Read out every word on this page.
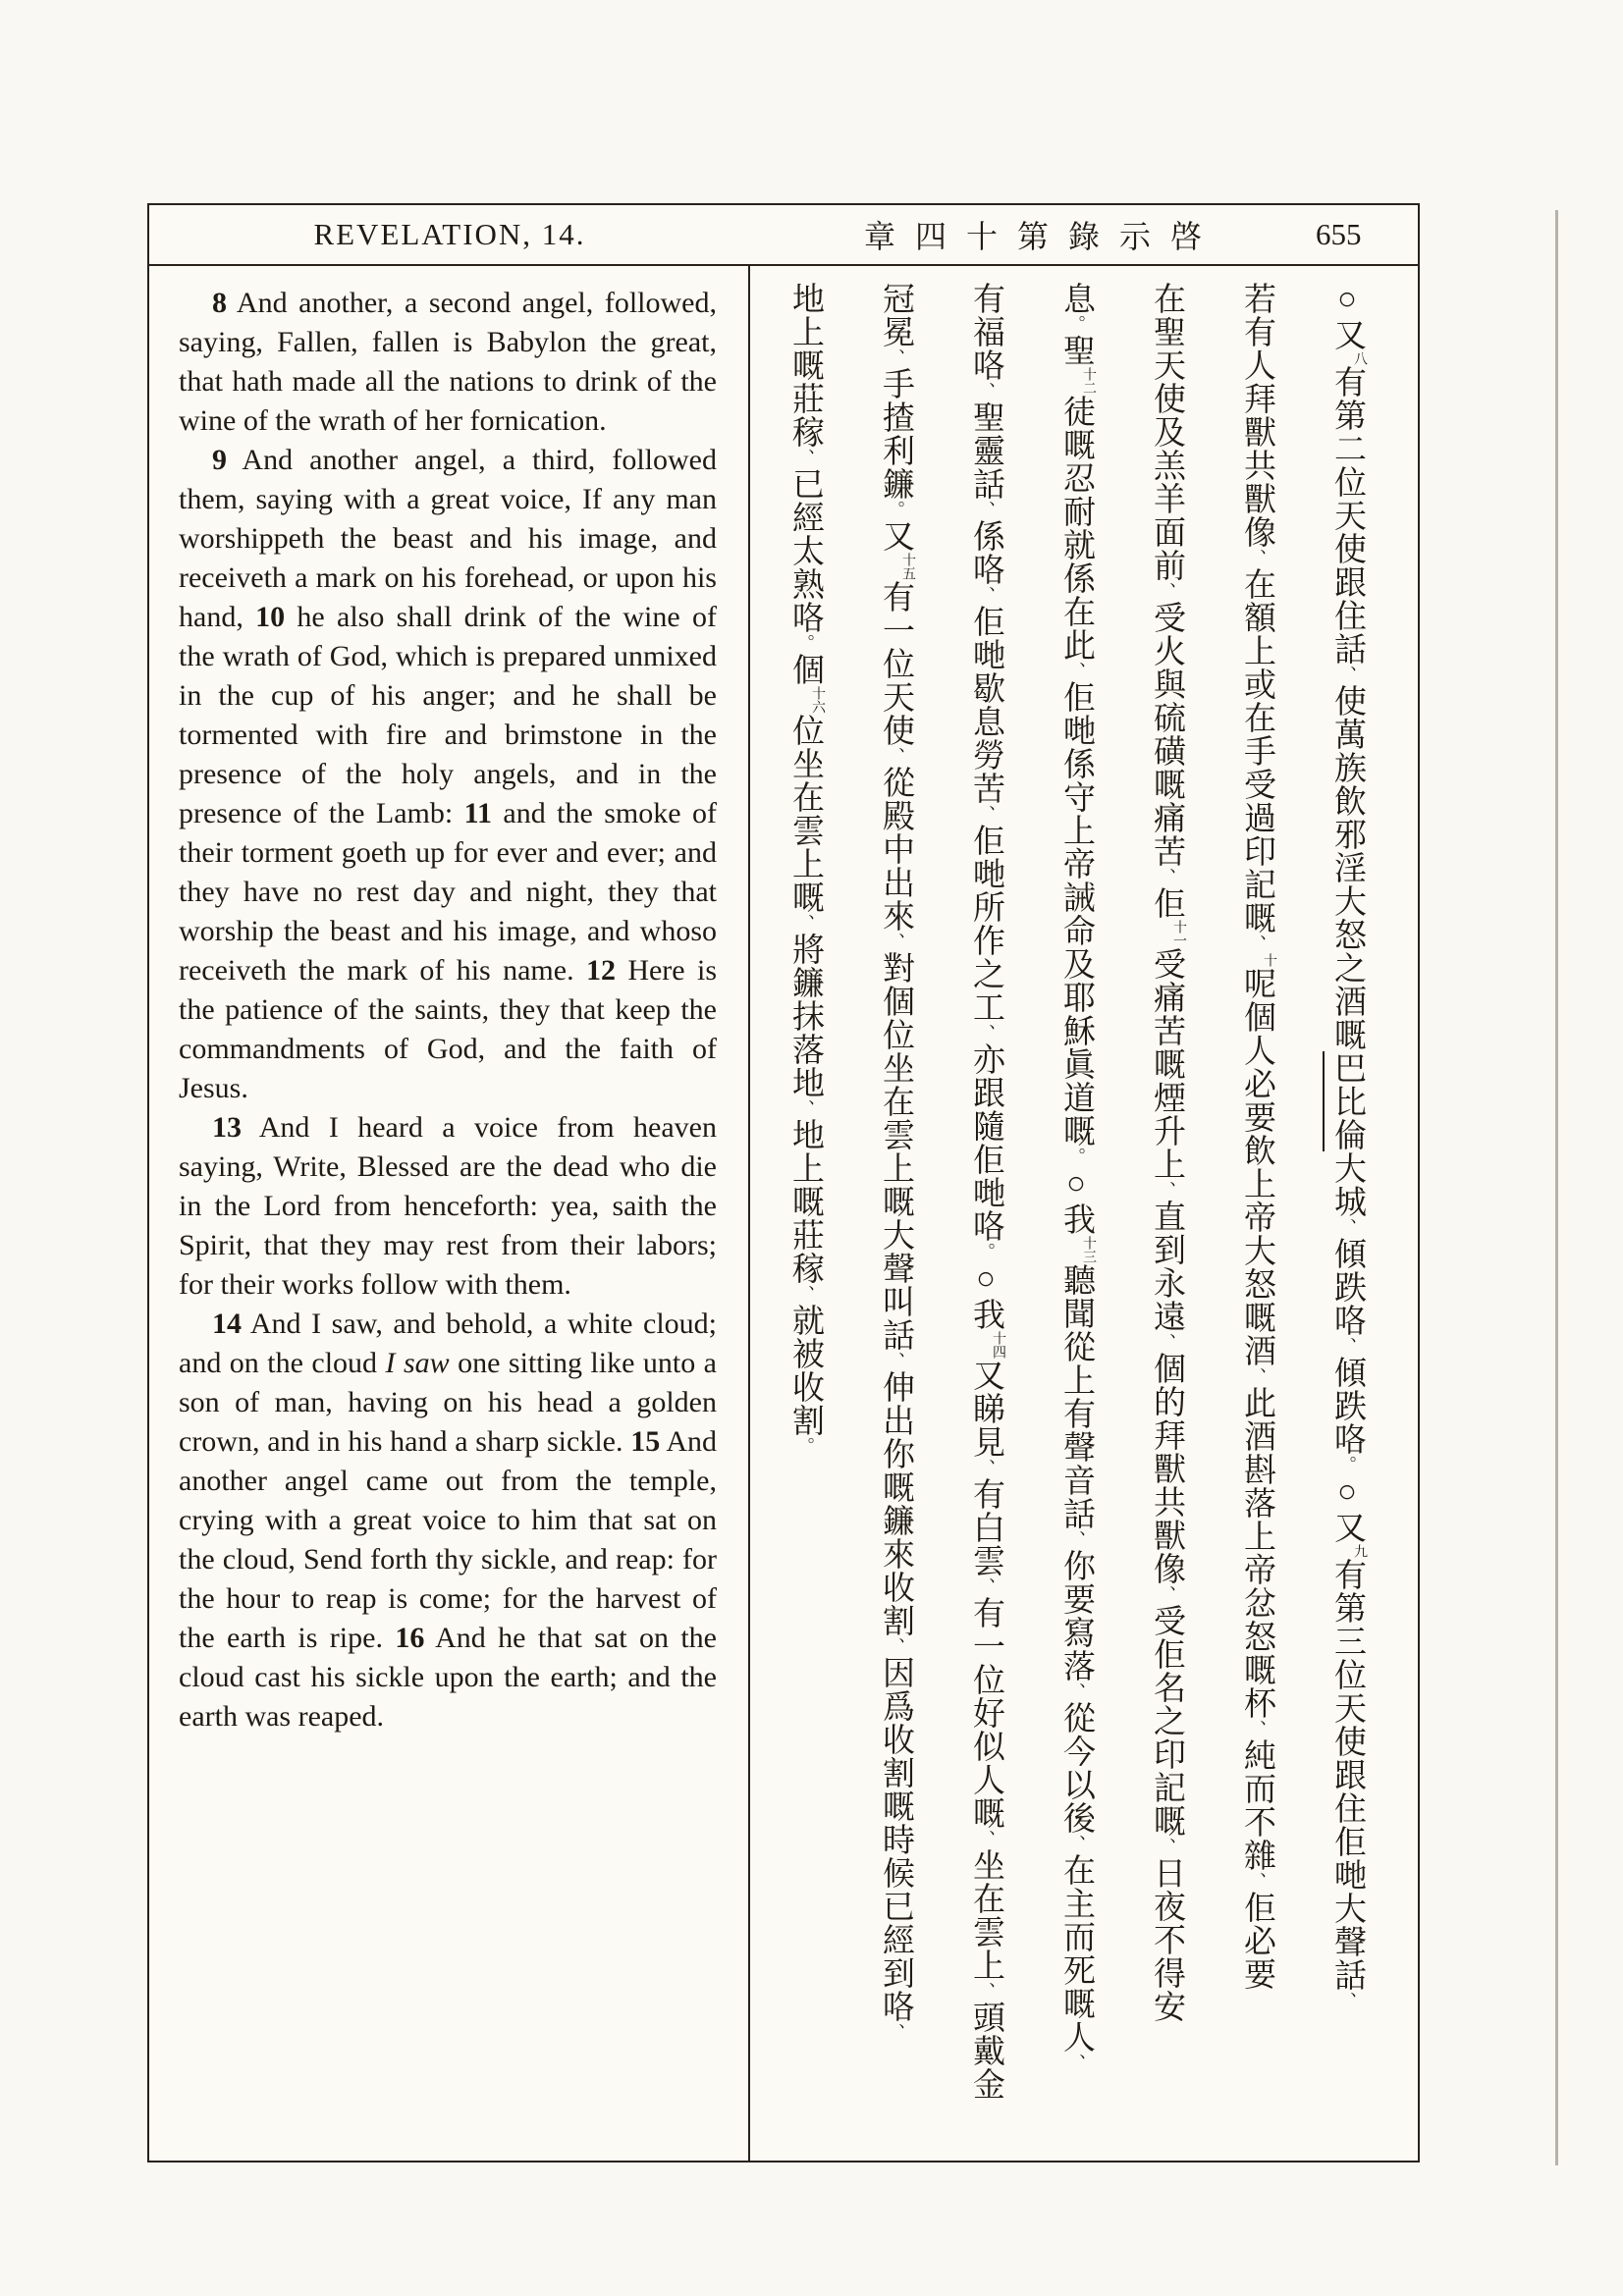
REVELATION, 14.	章四十第錄示啓	655

8 And another, a second angel, followed, saying, Fallen, fallen is Babylon the great, that hath made all the nations to drink of the wine of the wrath of her fornication.

9 And another angel, a third, followed them, saying with a great voice, If any man worshippeth the beast and his image, and receiveth a mark on his forehead, or upon his hand, 10 he also shall drink of the wine of the wrath of God, which is prepared unmixed in the cup of his anger; and he shall be tormented with fire and brimstone in the presence of the holy angels, and in the presence of the Lamb: 11 and the smoke of their torment goeth up for ever and ever; and they have no rest day and night, they that worship the beast and his image, and whoso receiveth the mark of his name. 12 Here is the patience of the saints, they that keep the commandments of God, and the faith of Jesus.

13 And I heard a voice from heaven saying, Write, Blessed are the dead who die in the Lord from henceforth: yea, saith the Spirit, that they may rest from their labors; for their works follow with them.

14 And I saw, and behold, a white cloud; and on the cloud I saw one sitting like unto a son of man, having on his head a golden crown, and in his hand a sharp sickle. 15 And another angel came out from the temple, crying with a great voice to him that sat on the cloud, Send forth thy sickle, and reap: for the hour to reap is come; for the harvest of the earth is ripe. 16 And he that sat on the cloud cast his sickle upon the earth; and the earth was reaped.

○又八有第二位天使跟住話、使萬族飲邪淫大怒之酒嘅巴比倫大城、傾跌咯、傾跌咯。○又九有第三位天使跟住佢哋大聲話、
若有人拜獸共獸像、在額上或在手受過印記嘅、十呢個人必要飲上帝大怒嘅酒、此酒斟落上帝忿怒嘅杯、純而不雜、佢必要
在聖天使及羔羊面前、受火與硫磺嘅痛苦、佢十一受痛苦嘅煙升上、直到永遠、個的拜獸共獸像、受佢名之印記嘅、日夜不得安
息。聖十二徒嘅忍耐就係在此、佢哋係守上帝誡命及耶穌眞道嘅。○我十三聽聞從上有聲音話、你要寫落、從今以後、在主而死嘅人、
有福咯、聖靈話、係咯、佢哋歇息勞苦、佢哋所作之工、亦跟隨佢哋咯。○我十四又睇見、有白雲、有一位好似人嘅、坐在雲上、頭戴金
冠冕、手揸利鐮。又十五有一位天使、從殿中出來、對個位坐在雲上嘅大聲叫話、伸出你嘅鐮來收割、因爲收割嘅時候已經到咯、
地上嘅莊稼、已經太熟咯。個十六位坐在雲上嘅、將鐮抹落地、地上嘅莊稼、就被收割。
